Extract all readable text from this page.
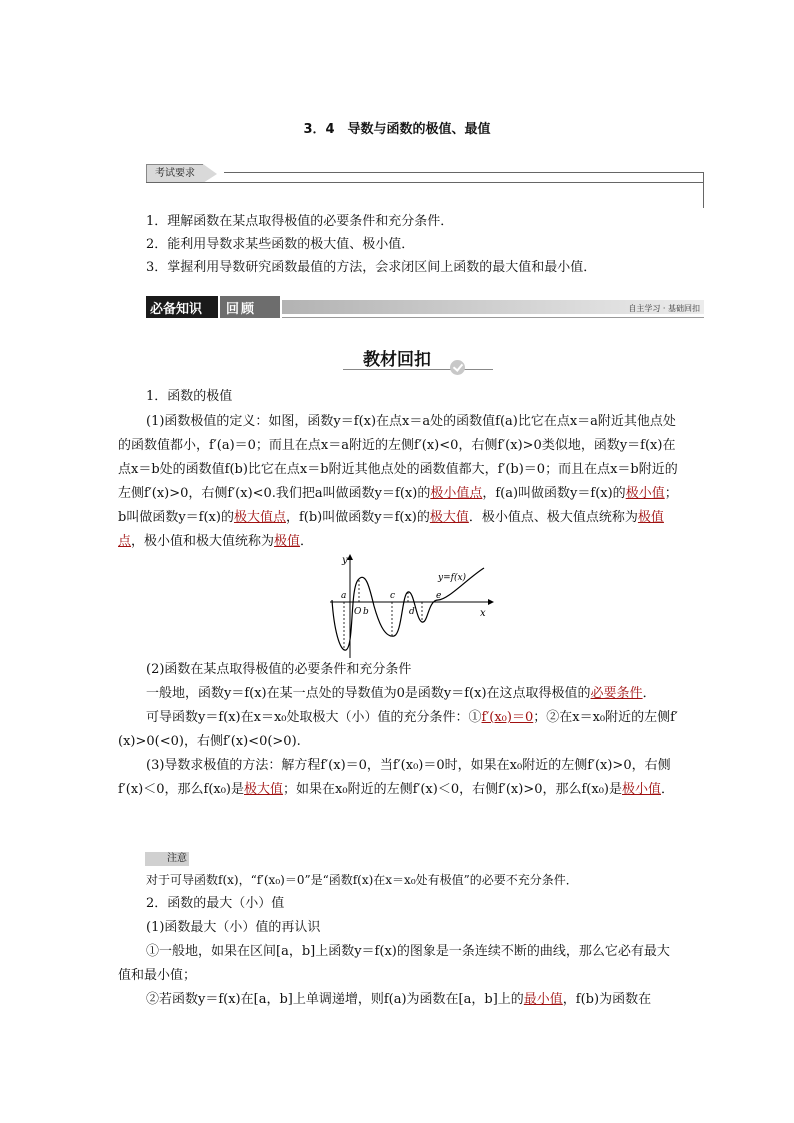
3．4　导数与函数的极值、最值
考试要求
1．理解函数在某点取得极值的必要条件和充分条件．
2．能利用导数求某些函数的极大值、极小值．
3．掌握利用导数研究函数最值的方法，会求闭区间上函数的最大值和最小值．
必备知识 回顾	自主学习 · 基础回扣
教材回扣
1．函数的极值
(1)函数极值的定义：如图，函数y＝f(x)在点x＝a处的函数值f(a)比它在点x＝a附近其他点处的函数值都小，f′(a)＝0；而且在点x＝a附近的左侧f′(x)<0，右侧f′(x)>0类似地，函数y＝f(x)在点x＝b处的函数值f(b)比它在点x＝b附近其他点处的函数值都大，f′(b)＝0；而且在点x＝b附近的左侧f′(x)>0，右侧f′(x)<0.我们把a叫做函数y＝f(x)的极小值点，f(a)叫做函数y＝f(x)的极小值；b叫做函数y＝f(x)的极大值点，f(b)叫做函数y＝f(x)的极大值．极小值点、极大值点统称为极值点，极小值和极大值统称为极值．
y
x
y=f(x)
a
O b
c
d
e
(2)函数在某点取得极值的必要条件和充分条件
一般地，函数y＝f(x)在某一点处的导数值为0是函数y＝f(x)在这点取得极值的必要条件．
可导函数y＝f(x)在x＝x₀处取极大（小）值的充分条件：①f′(x₀)＝0；②在x＝x₀附近的左侧f′(x)>0(<0)，右侧f′(x)<0(>0).
(3)导数求极值的方法：解方程f′(x)＝0，当f′(x₀)＝0时，如果在x₀附近的左侧f′(x)>0，右侧f′(x)＜0，那么f(x₀)是极大值；如果在x₀附近的左侧f′(x)＜0，右侧f′(x)>0，那么f(x₀)是极小值．
注意
对于可导函数f(x)，“f′(x₀)＝0”是“函数f(x)在x＝x₀处有极值”的必要不充分条件．
2．函数的最大（小）值
(1)函数最大（小）值的再认识
①一般地，如果在区间[a，b]上函数y＝f(x)的图象是一条连续不断的曲线，那么它必有最大值和最小值；
②若函数y＝f(x)在[a，b]上单调递增，则f(a)为函数在[a，b]上的最小值，f(b)为函数在
